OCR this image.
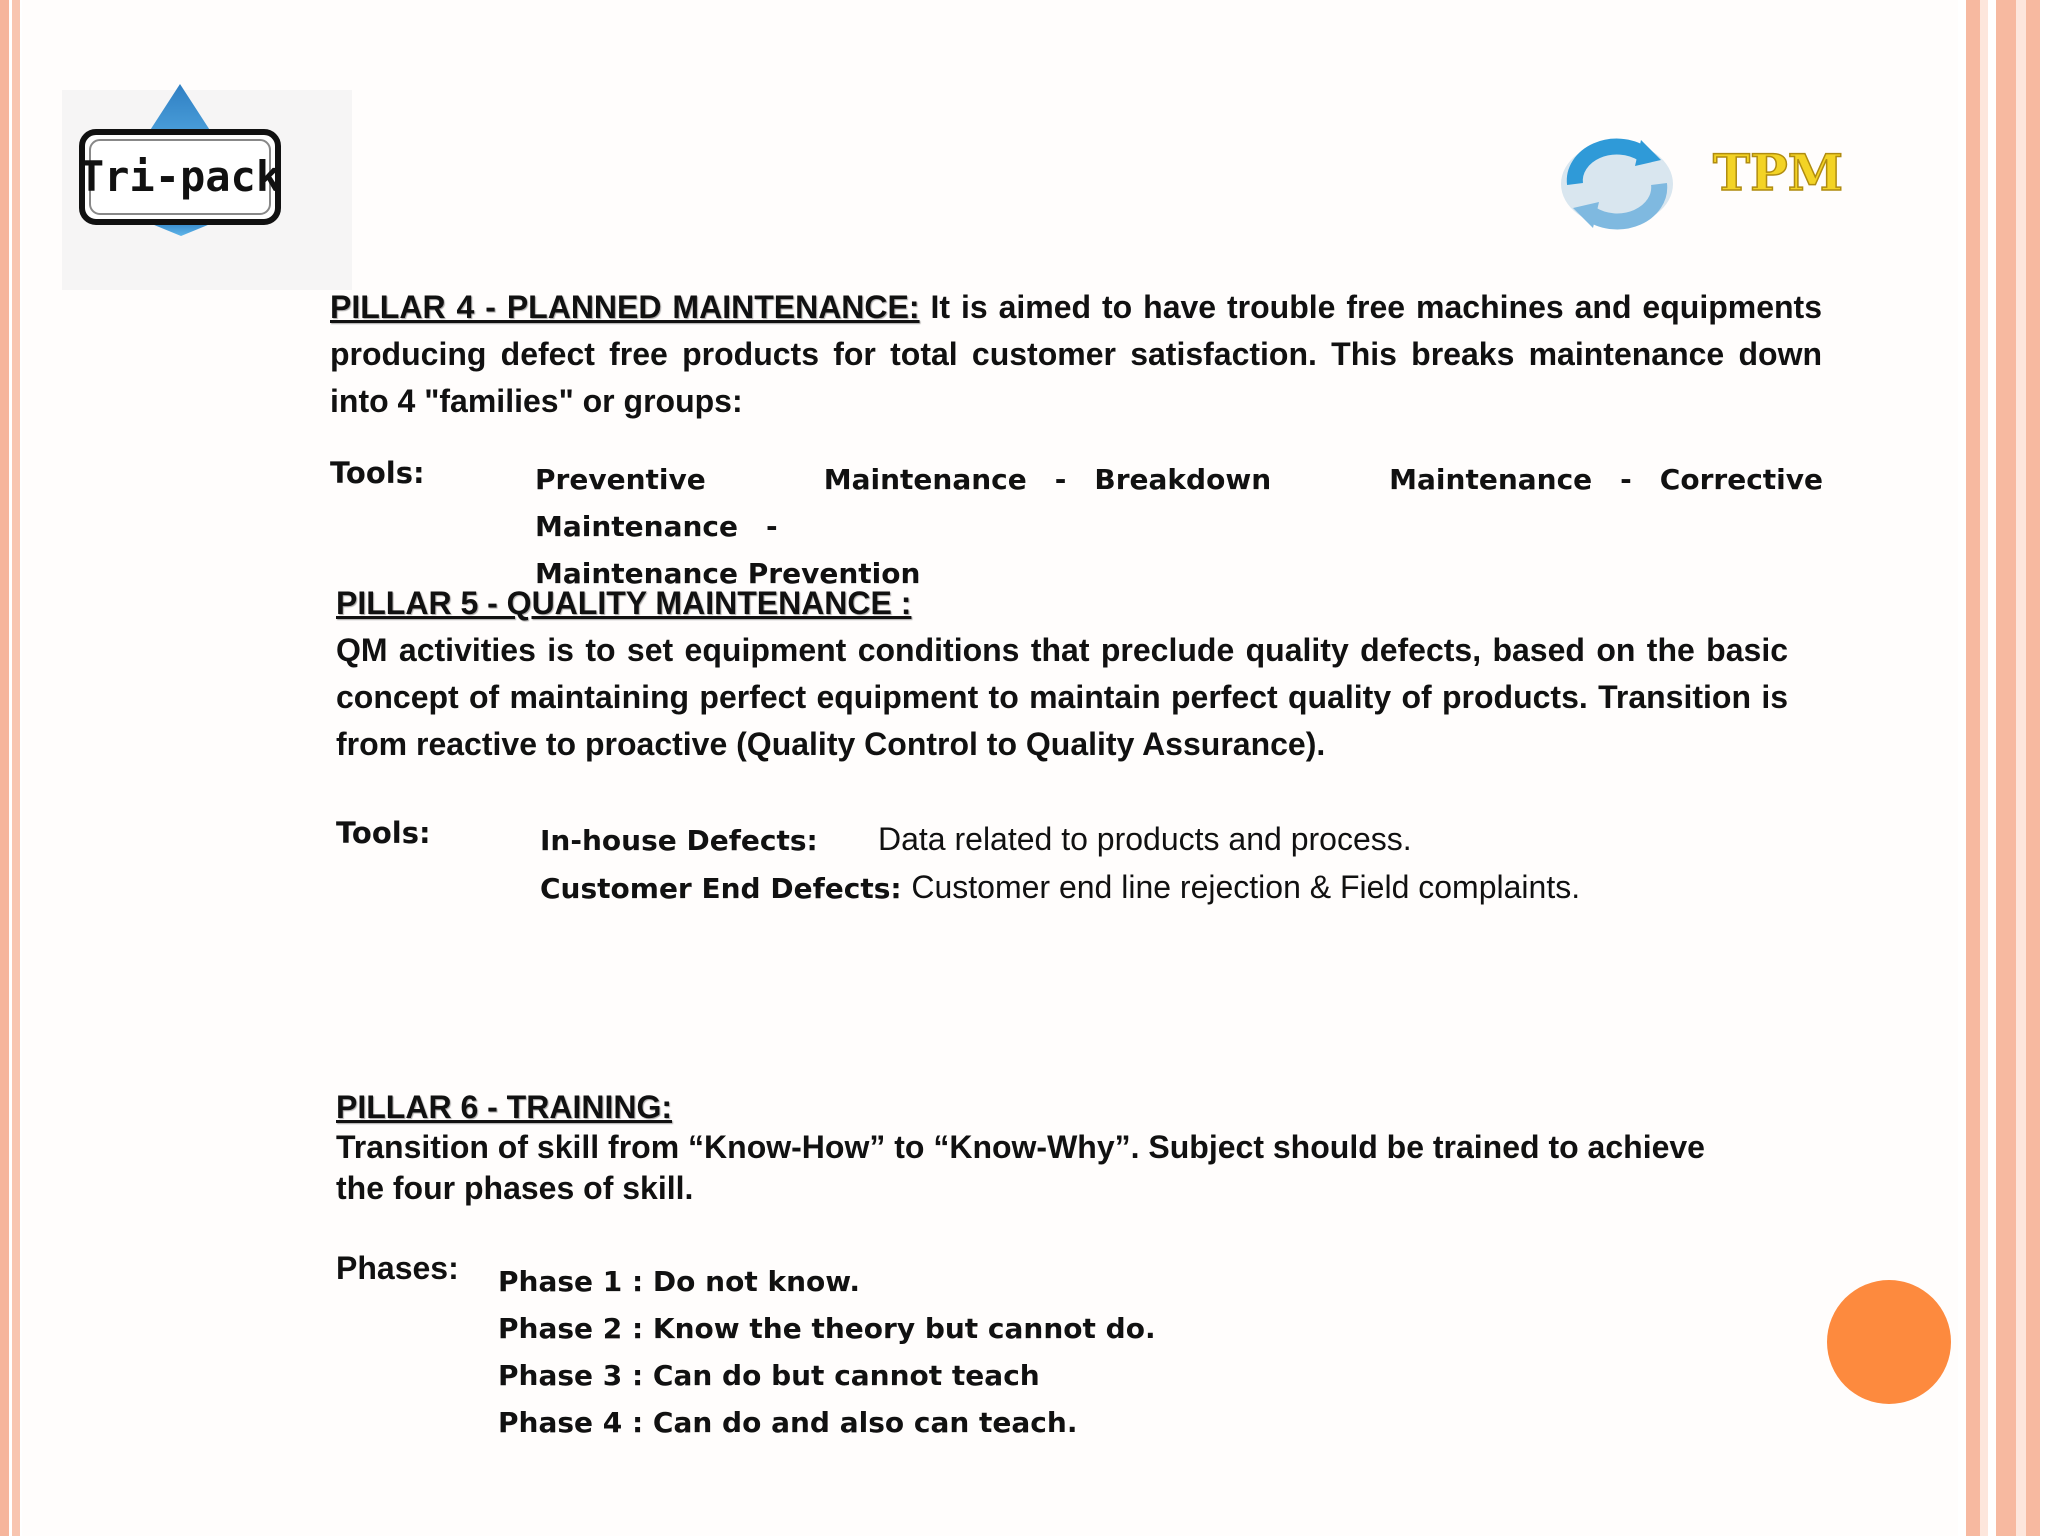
Tri-pack	TPM
PILLAR 4 - PLANNED MAINTENANCE: It is aimed to have trouble free machines and equipments producing defect free products for total customer satisfaction. This breaks maintenance down into 4 "families" or groups:
Tools:	Preventive Maintenance - Breakdown Maintenance - Corrective Maintenance -
Maintenance Prevention
PILLAR 5 - QUALITY MAINTENANCE :
QM activities is to set equipment conditions that preclude quality defects, based on the basic concept of maintaining perfect equipment to maintain perfect quality of products. Transition is from reactive to proactive (Quality Control to Quality Assurance).
Tools:	In-house Defects: Data related to products and process.
Customer End Defects: Customer end line rejection & Field complaints.
PILLAR 6 - TRAINING:
Transition of skill from “Know-How” to “Know-Why”. Subject should be trained to achieve the four phases of skill.
Phases: Phase 1 : Do not know.
Phase 2 : Know the theory but cannot do.
Phase 3 : Can do but cannot teach
Phase 4 : Can do and also can teach.
